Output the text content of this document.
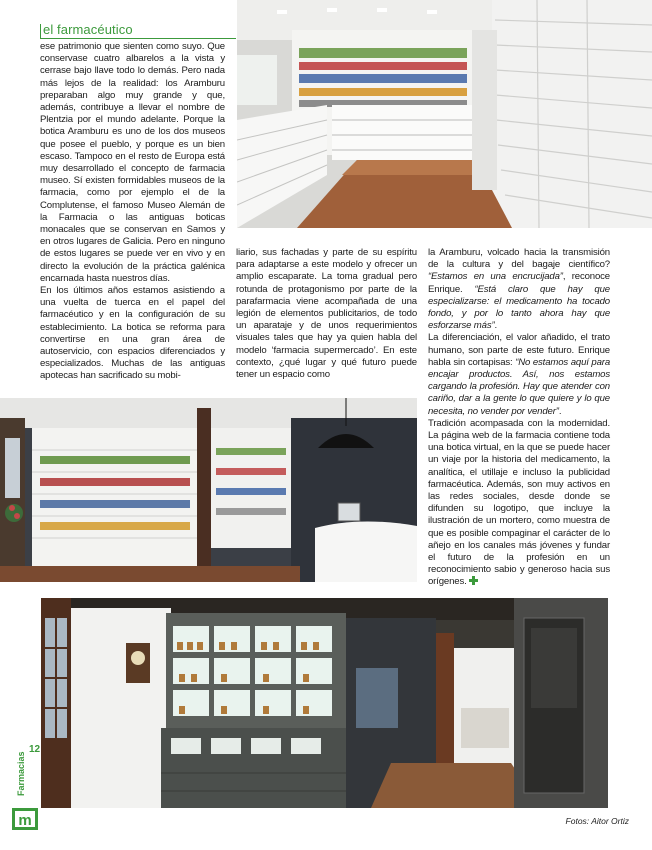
el farmacéutico

ese patrimonio que sienten como suyo. Que conservase cuatro albarelos a la vista y cerrase bajo llave todo lo demás. Pero nada más lejos de la realidad: los Aramburu preparaban algo muy grande y que, además, contribuye a llevar el nombre de Plentzia por el mundo adelante. Porque la botica Aramburu es uno de los dos museos que posee el pueblo, y porque es un bien escaso. Tampoco en el resto de Europa está muy desarrollado el concepto de farmacia museo. Sí existen formidables museos de la farmacia, como por ejemplo el de la Complutense, el famoso Museo Alemán de la Farmacia o las antiguas boticas monacales que se conservan en Samos y en otros lugares de Galicia. Pero en ninguno de estos lugares se puede ver en vivo y en directo la evolución de la práctica galénica encarnada hasta nuestros días.

En los últimos años estamos asistiendo a una vuelta de tuerca en el papel del farmacéutico y en la configuración de su establecimiento. La botica se reforma para convertirse en una gran área de autoservicio, con espacios diferenciados y especializados. Muchas de las antiguas apotecas han sacrificado su mobi-

liario, sus fachadas y parte de su espíritu para adaptarse a este modelo y ofrecer un amplio escaparate. La toma gradual pero rotunda de protagonismo por parte de la parafarmacia viene acompañada de una legión de elementos publicitarios, de todo un aparataje y de unos requerimientos visuales tales que hay ya quien habla del modelo ‘farmacia supermercado’. En este contexto, ¿qué lugar y qué futuro puede tener un espacio como

la Aramburu, volcado hacia la transmisión de la cultura y del bagaje científico? “Estamos en una encrucijada”, reconoce Enrique. “Está claro que hay que especializarse: el medicamento ha tocado fondo, y por lo tanto ahora hay que esforzarse más”.

La diferenciación, el valor añadido, el trato humano, son parte de este futuro. Enrique habla sin cortapisas: “No estamos aquí para encajar productos. Así, nos estamos cargando la profesión. Hay que atender con cariño, dar a la gente lo que quiere y lo que necesita, no vender por vender”.

Tradición acompasada con la modernidad. La página web de la farmacia contiene toda una botica virtual, en la que se puede hacer un viaje por la historia del medicamento, la analítica, el utillaje e incluso la publicidad farmacéutica. Además, son muy activos en las redes sociales, desde donde se difunden su logotipo, que incluye la ilustración de un mortero, como muestra de que es posible compaginar el carácter de lo añejo en los canales más jóvenes y fundar el futuro de la profesión en un reconocimiento sabio y generoso hacia sus orígenes.

12
Farmacias
m	Fotos: Aitor Ortiz
